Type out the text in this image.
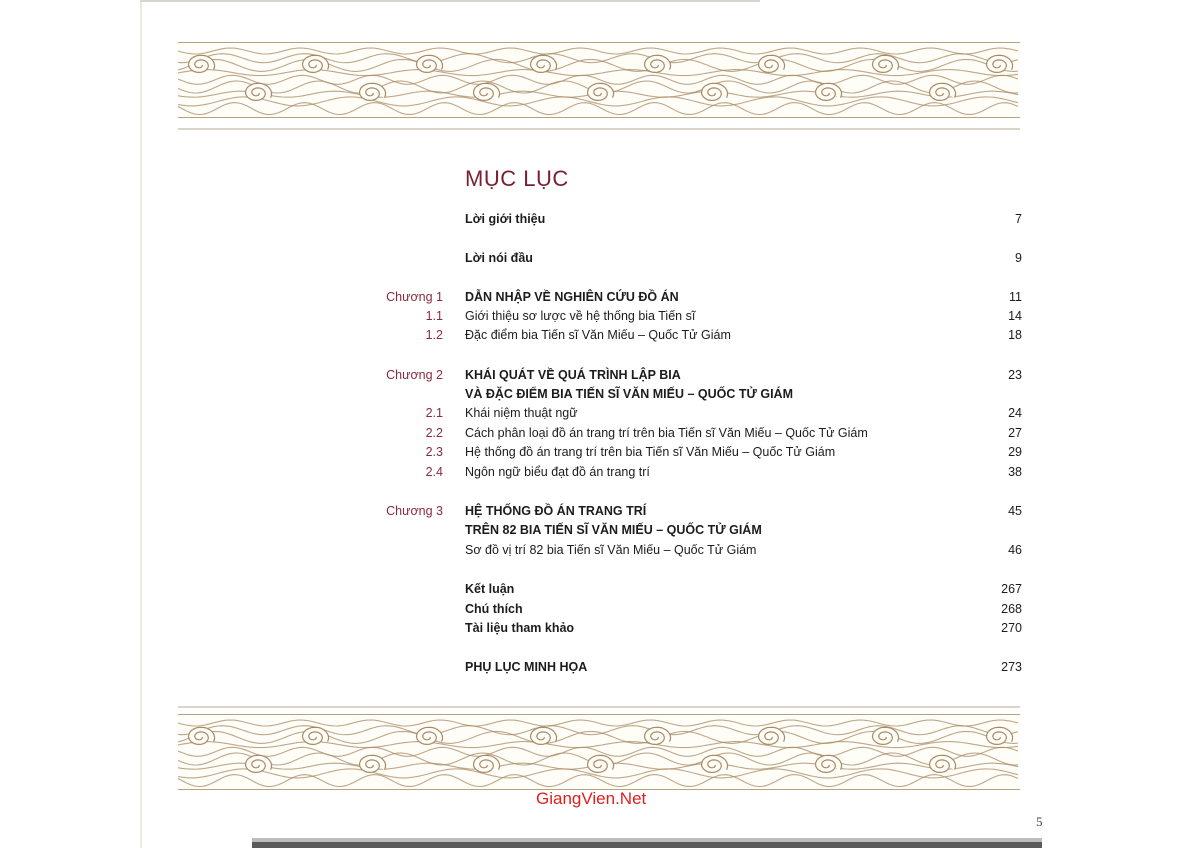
MỤC LỤC
Lời giới thiệu	7
Lời nói đầu	9
Chương 1 DẪN NHẬP VỀ NGHIÊN CỨU ĐỒ ÁN	11
1.1 Giới thiệu sơ lược về hệ thống bia Tiến sĩ	14
1.2 Đặc điểm bia Tiến sĩ Văn Miếu – Quốc Tử Giám	18
Chương 2 KHÁI QUÁT VỀ QUÁ TRÌNH LẬP BIA	23
VÀ ĐẶC ĐIỂM BIA TIẾN SĨ VĂN MIẾU – QUỐC TỬ GIÁM
2.1 Khái niệm thuật ngữ	24
2.2 Cách phân loại đồ án trang trí trên bia Tiến sĩ Văn Miếu – Quốc Tử Giám	27
2.3 Hệ thống đồ án trang trí trên bia Tiến sĩ Văn Miếu – Quốc Tử Giám	29
2.4 Ngôn ngữ biểu đạt đồ án trang trí	38
Chương 3 HỆ THỐNG ĐỒ ÁN TRANG TRÍ	45
TRÊN 82 BIA TIẾN SĨ VĂN MIẾU – QUỐC TỬ GIÁM
Sơ đồ vị trí 82 bia Tiến sĩ Văn Miếu – Quốc Tử Giám	46
Kết luận	267
Chú thích	268
Tài liệu tham khảo	270
PHỤ LỤC MINH HỌA	273
GiangVien.Net
5
